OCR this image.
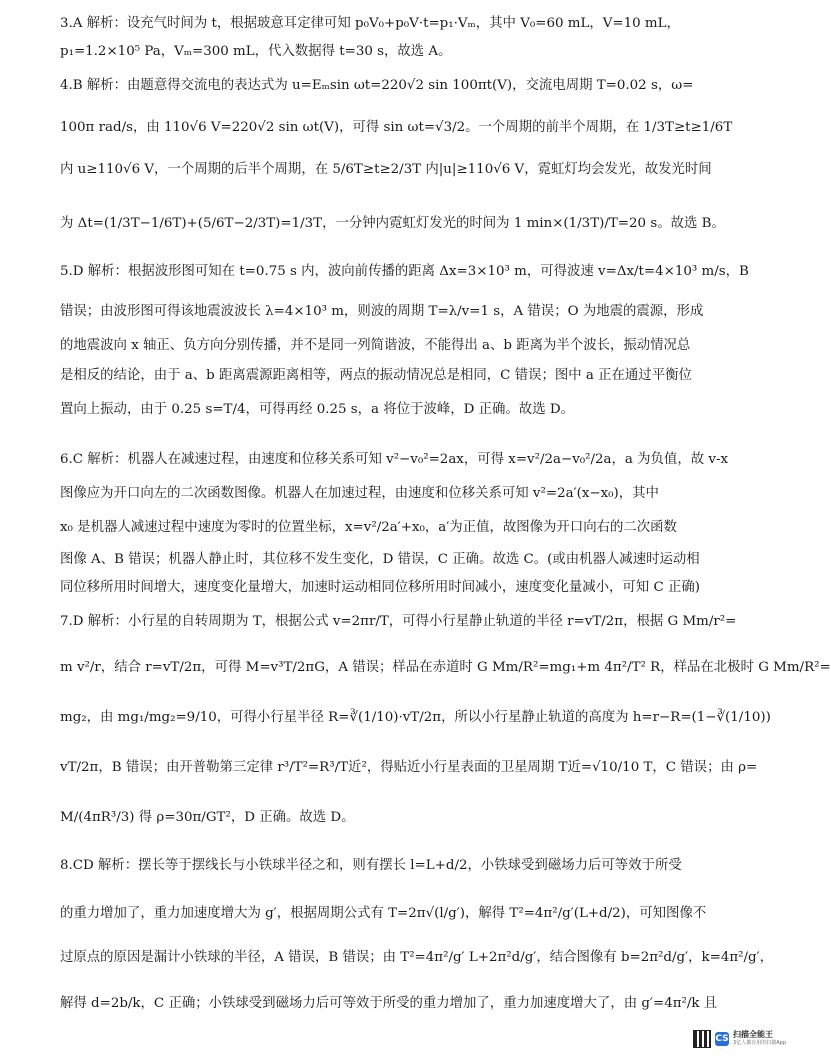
3.A 解析：设充气时间为 t，根据玻意耳定律可知 p₀V₀+p₀V·t=p₁·Vₘ，其中 V₀=60 mL，V=10 mL，
p₁=1.2×10⁵ Pa，Vₘ=300 mL，代入数据得 t=30 s，故选 A。
4.B 解析：由题意得交流电的表达式为 u=Eₘsin ωt=220√2 sin 100πt(V)，交流电周期 T=0.02 s，ω=
100π rad/s，由 110√6 V=220√2 sin ωt(V)，可得 sin ωt=√3/2。一个周期的前半个周期，在 1/3T≥t≥1/6T
内 u≥110√6 V，一个周期的后半个周期，在 5/6T≥t≥2/3T 内|u|≥110√6 V，霓虹灯均会发光，故发光时间
为 Δt=(1/3T−1/6T)+(5/6T−2/3T)=1/3T，一分钟内霓虹灯发光的时间为 1 min×(1/3T)/T=20 s。故选 B。
5.D 解析：根据波形图可知在 t=0.75 s 内，波向前传播的距离 Δx=3×10³ m，可得波速 v=Δx/t=4×10³ m/s，B
错误；由波形图可得该地震波波长 λ=4×10³ m，则波的周期 T=λ/v=1 s，A 错误；O 为地震的震源，形成
的地震波向 x 轴正、负方向分别传播，并不是同一列简谐波，不能得出 a、b 距离为半个波长，振动情况总
是相反的结论，由于 a、b 距离震源距离相等，两点的振动情况总是相同，C 错误；图中 a 正在通过平衡位
置向上振动，由于 0.25 s=T/4，可得再经 0.25 s，a 将位于波峰，D 正确。故选 D。
6.C 解析：机器人在减速过程，由速度和位移关系可知 v²−v₀²=2ax，可得 x=v²/2a−v₀²/2a，a 为负值，故 v-x
图像应为开口向左的二次函数图像。机器人在加速过程，由速度和位移关系可知 v²=2a′(x−x₀)，其中
x₀ 是机器人减速过程中速度为零时的位置坐标，x=v²/2a′+x₀，a′为正值，故图像为开口向右的二次函数
图像 A、B 错误；机器人静止时，其位移不发生变化，D 错误，C 正确。故选 C。(或由机器人减速时运动相
同位移所用时间增大，速度变化量增大，加速时运动相同位移所用时间减小，速度变化量减小，可知 C 正确)
7.D 解析：小行星的自转周期为 T，根据公式 v=2πr/T，可得小行星静止轨道的半径 r=vT/2π，根据 G Mm/r²=
m v²/r，结合 r=vT/2π，可得 M=v³T/2πG，A 错误；样品在赤道时 G Mm/R²=mg₁+m 4π²/T² R，样品在北极时 G Mm/R²=
mg₂，由 mg₁/mg₂=9/10，可得小行星半径 R=∛(1/10)·vT/2π，所以小行星静止轨道的高度为 h=r−R=(1−∛(1/10))
vT/2π，B 错误；由开普勒第三定律 r³/T²=R³/T近²，得贴近小行星表面的卫星周期 T近=√10/10 T，C 错误；由 ρ=
M/(4πR³/3) 得 ρ=30π/GT²，D 正确。故选 D。
8.CD 解析：摆长等于摆线长与小铁球半径之和，则有摆长 l=L+d/2，小铁球受到磁场力后可等效于所受
的重力增加了，重力加速度增大为 g′，根据周期公式有 T=2π√(l/g′)，解得 T²=4π²/g′(L+d/2)，可知图像不
过原点的原因是漏计小铁球的半径，A 错误，B 错误；由 T²=4π²/g′ L+2π²d/g′，结合图像有 b=2π²d/g′，k=4π²/g′，
解得 d=2b/k，C 正确；小铁球受到磁场力后可等效于所受的重力增加了，重力加速度增大了，由 g′=4π²/k 且
CS 扫描全能王
3亿人都在用的扫描App
